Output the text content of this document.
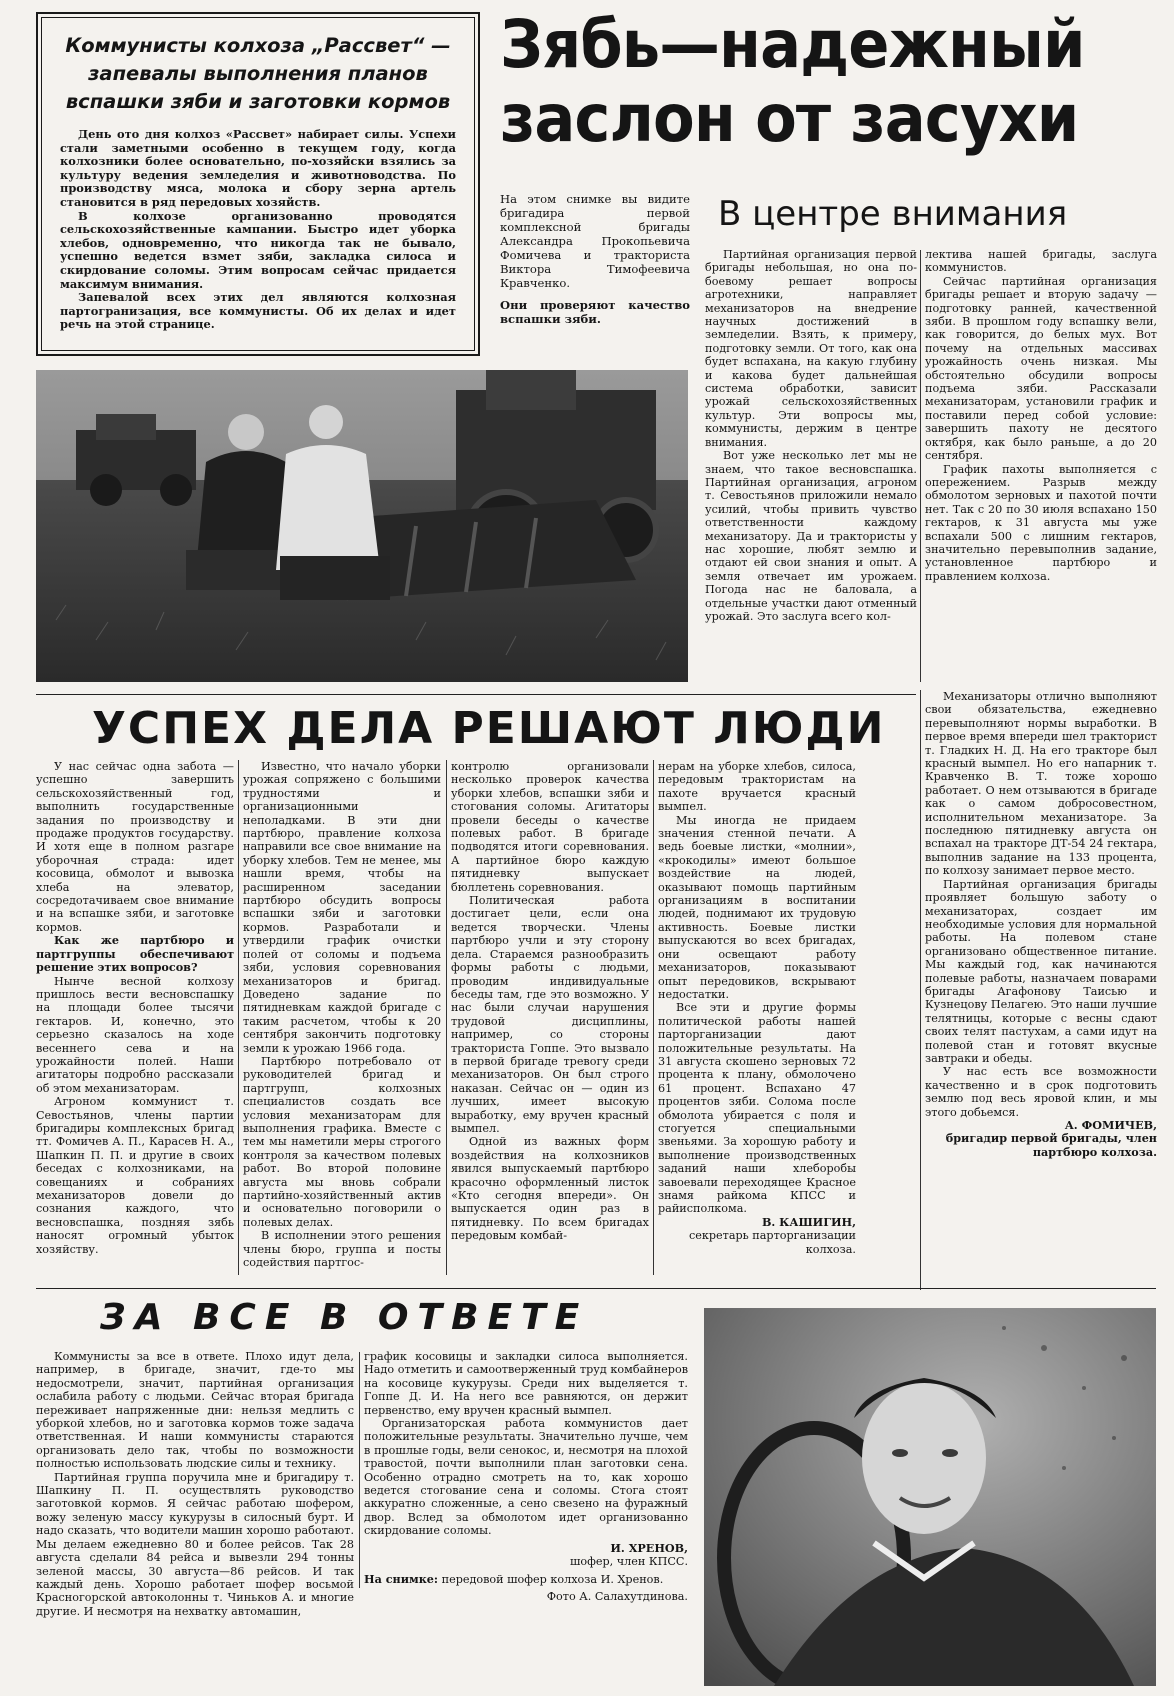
Коммунисты колхоза „Рассвет“ —запевалы выполнения планов вспашки зяби и заготовки кормов

День ото дня колхоз «Рассвет» набирает силы. Успехи стали заметными особенно в текущем году, когда колхозники более основательно, по-хозяйски взялись за культуру ведения земледелия и животноводства. По производству мяса, молока и сбору зерна артель становится в ряд передовых хозяйств.

В колхозе организованно проводятся сельскохозяйственные кампании. Быстро идет уборка хлебов, одновременно, что никогда так не бывало, успешно ведется взмет зяби, закладка силоса и скирдование соломы. Этим вопросам сейчас придается максимум внимания.

Запевалой всех этих дел являются колхозная партогранизация, все коммунисты. Об их делах и идет речь на этой странице.

Зябь—надежный заслон от засухи

На этом снимке вы видите бригадира первой комплексной бригады Александра Прокопьевича Фомичева и тракториста Виктора Тимофеевича Кравченко.

Они проверяют качество вспашки зяби.

В центре внимания

Партийная организация первой бригады небольшая, но она по-боевому решает вопросы агротехники, направляет механизаторов на внедрение научных достижений в земледелии. Взять, к примеру, подготовку земли. От того, как она будет вспахана, на какую глубину и какова будет дальнейшая система обработки, зависит урожай сельскохозяйственных культур. Эти вопросы мы, коммунисты, держим в центре внимания.

Вот уже несколько лет мы не знаем, что такое весновспашка. Партийная организация, агроном т. Севостьянов приложили немало усилий, чтобы привить чувство ответственности каждому механизатору. Да и трактористы у нас хорошие, любят землю и отдают ей свои знания и опыт. А земля отвечает им урожаем. Погода нас не баловала, а отдельные участки дают отменный урожай. Это заслуга всего кол-

лектива нашей бригады, заслуга коммунистов.

Сейчас партийная организация бригады решает и вторую задачу — подготовку ранней, качественной зяби. В прошлом году вспашку вели, как говорится, до белых мух. Вот почему на отдельных массивах урожайность очень низкая. Мы обстоятельно обсудили вопросы подъема зяби. Рассказали механизаторам, установили график и поставили перед собой условие: завершить пахоту не десятого октября, как было раньше, а до 20 сентября.

График пахоты выполняется с опережением. Разрыв между обмолотом зерновых и пахотой почти нет. Так с 20 по 30 июля вспахано 150 гектаров, к 31 августа мы уже вспахали 500 с лишним гектаров, значительно перевыполнив задание, установленное партбюро и правлением колхоза.

УСПЕХ ДЕЛА РЕШАЮТ ЛЮДИ

У нас сейчас одна забота — успешно завершить сельскохозяйственный год, выполнить государственные задания по производству и продаже продуктов государству. И хотя еще в полном разгаре уборочная страда: идет косовица, обмолот и вывозка хлеба на элеватор, сосредотачиваем свое внимание и на вспашке зяби, и заготовке кормов.

Как же партбюро и партгруппы обеспечивают решение этих вопросов?

Нынче весной колхозу пришлось вести весновспашку на площади более тысячи гектаров. И, конечно, это серьезно сказалось на ходе весеннего сева и на урожайности полей. Наши агитаторы подробно рассказали об этом механизаторам.

Агроном коммунист т. Севостьянов, члены партии бригадиры комплексных бригад тт. Фомичев А. П., Карасев Н. А., Шапкин П. П. и другие в своих беседах с колхозниками, на совещаниях и собраниях механизаторов довели до сознания каждого, что весновспашка, поздняя зябь наносят огромный убыток хозяйству.

Известно, что начало уборки урожая сопряжено с большими трудностями и организационными неполадками. В эти дни партбюро, правление колхоза направили все свое внимание на уборку хлебов. Тем не менее, мы нашли время, чтобы на расширенном заседании партбюро обсудить вопросы вспашки зяби и заготовки кормов. Разработали и утвердили график очистки полей от соломы и подъема зяби, условия соревнования механизаторов и бригад. Доведено задание по пятидневкам каждой бригаде с таким расчетом, чтобы к 20 сентября закончить подготовку земли к урожаю 1966 года.

Партбюро потребовало от руководителей бригад и партгрупп, колхозных специалистов создать все условия механизаторам для выполнения графика. Вместе с тем мы наметили меры строгого контроля за качеством полевых работ. Во второй половине августа мы вновь собрали партийно-хозяйственный актив и основательно поговорили о полевых делах.

В исполнении этого решения члены бюро, группа и посты содействия партгос-

контролю организовали несколько проверок качества уборки хлебов, вспашки зяби и стогования соломы. Агитаторы провели беседы о качестве полевых работ. В бригаде подводятся итоги соревнования. А партийное бюро каждую пятидневку выпускает бюллетень соревнования.

Политическая работа достигает цели, если она ведется творчески. Члены партбюро учли и эту сторону дела. Стараемся разнообразить формы работы с людьми, проводим индивидуальные беседы там, где это возможно. У нас были случаи нарушения трудовой дисциплины, например, со стороны тракториста Гоппе. Это вызвало в первой бригаде тревогу среди механизаторов. Он был строго наказан. Сейчас он — один из лучших, имеет высокую выработку, ему вручен красный вымпел.

Одной из важных форм воздействия на колхозников явился выпускаемый партбюро красочно оформленный листок «Кто сегодня впереди». Он выпускается один раз в пятидневку. По всем бригадах передовым комбай-

нерам на уборке хлебов, силоса, передовым трактористам на пахоте вручается красный вымпел.

Мы иногда не придаем значения стенной печати. А ведь боевые листки, «молнии», «крокодилы» имеют большое воздействие на людей, оказывают помощь партийным организациям в воспитании людей, поднимают их трудовую активность. Боевые листки выпускаются во всех бригадах, они освещают работу механизаторов, показывают опыт передовиков, вскрывают недостатки.

Все эти и другие формы политической работы нашей партоpганизации дают положительные результаты. На 31 августа скошено зерновых 72 процента к плану, обмолочено 61 процент. Вспахано 47 процентов зяби. Солома после обмолота убирается с поля и стогуется специальными звеньями. За хорошую работу и выполнение производственных заданий наши хлеборобы завоевали переходящее Красное знамя райкома КПСС и райисполкома.

В. КАШИГИН,

секретарь партоpганизации колхоза.

Механизаторы отлично выполняют свои обязательства, ежедневно перевыполняют нормы выработки. В первое время впереди шел тракторист т. Гладких Н. Д. На его тракторе был красный вымпел. Но его напарник т. Кравченко В. Т. тоже хорошо работает. О нем отзываются в бригаде как о самом добросовестном, исполнительном механизаторе. За последнюю пятидневку августа он вспахал на тракторе ДТ-54 24 гектара, выполнив задание на 133 процента, по колхозу занимает первое место.

Партийная организация бригады проявляет большую заботу о механизаторах, создает им необходимые условия для нормальной работы. На полевом стане организовано общественное питание. Мы каждый год, как начинаются полевые работы, назначаем поварами бригады Агафонову Таисью и Кузнецову Пелагею. Это наши лучшие телятницы, которые с весны сдают своих телят пастухам, а сами идут на полевой стан и готовят вкусные завтраки и обеды.

У нас есть все возможности качественно и в срок подготовить землю под весь яровой клин, и мы этого добьемся.

А. ФОМИЧЕВ,

бригадир первой бригады, член партбюро колхоза.

ЗА ВСЕ В ОТВЕТЕ

Коммунисты за все в ответе. Плохо идут дела, например, в бригаде, значит, где-то мы недосмотрели, значит, партийная организация ослабила работу с людьми. Сейчас вторая бригада переживает напряженные дни: нельзя медлить с уборкой хлебов, но и заготовка кормов тоже задача ответственная. И наши коммунисты стараются организовать дело так, чтобы по возможности полностью использовать людские силы и технику.

Партийная группа поручила мне и бригадиру т. Шапкину П. П. осуществлять руководство заготовкой кормов. Я сейчас работаю шофером, вожу зеленую массу кукурузы в силосный бурт. И надо сказать, что водители машин хорошо работают. Мы делаем ежедневно 80 и более рейсов. Так 28 августа сделали 84 рейса и вывезли 294 тонны зеленой массы, 30 августа—86 рейсов. И так каждый день. Хорошо работает шофер восьмой Красногорской автоколонны т. Чиньков А. и многие другие. И несмотря на нехватку автомашин,

график косовицы и закладки силоса выполняется. Надо отметить и самоотверженный труд комбайнеров на косовице кукурузы. Среди них выделяется т. Гоппе Д. И. На него все равняются, он держит первенство, ему вручен красный вымпел.

Организаторская работа коммунистов дает положительные результаты. Значительно лучше, чем в прошлые годы, вели сенокос, и, несмотря на плохой травостой, почти выполнили план заготовки сена. Особенно отрадно смотреть на то, как хорошо ведется стогование сена и соломы. Стога стоят аккуратно сложенные, а сено свезено на фуражный двор. Вслед за обмолотом идет организованно скирдование соломы.

И. ХРЕНОВ,

шофер, член КПСС.

На снимке: передовой шофер колхоза И. Хренов.

Фото А. Салахутдинова.
